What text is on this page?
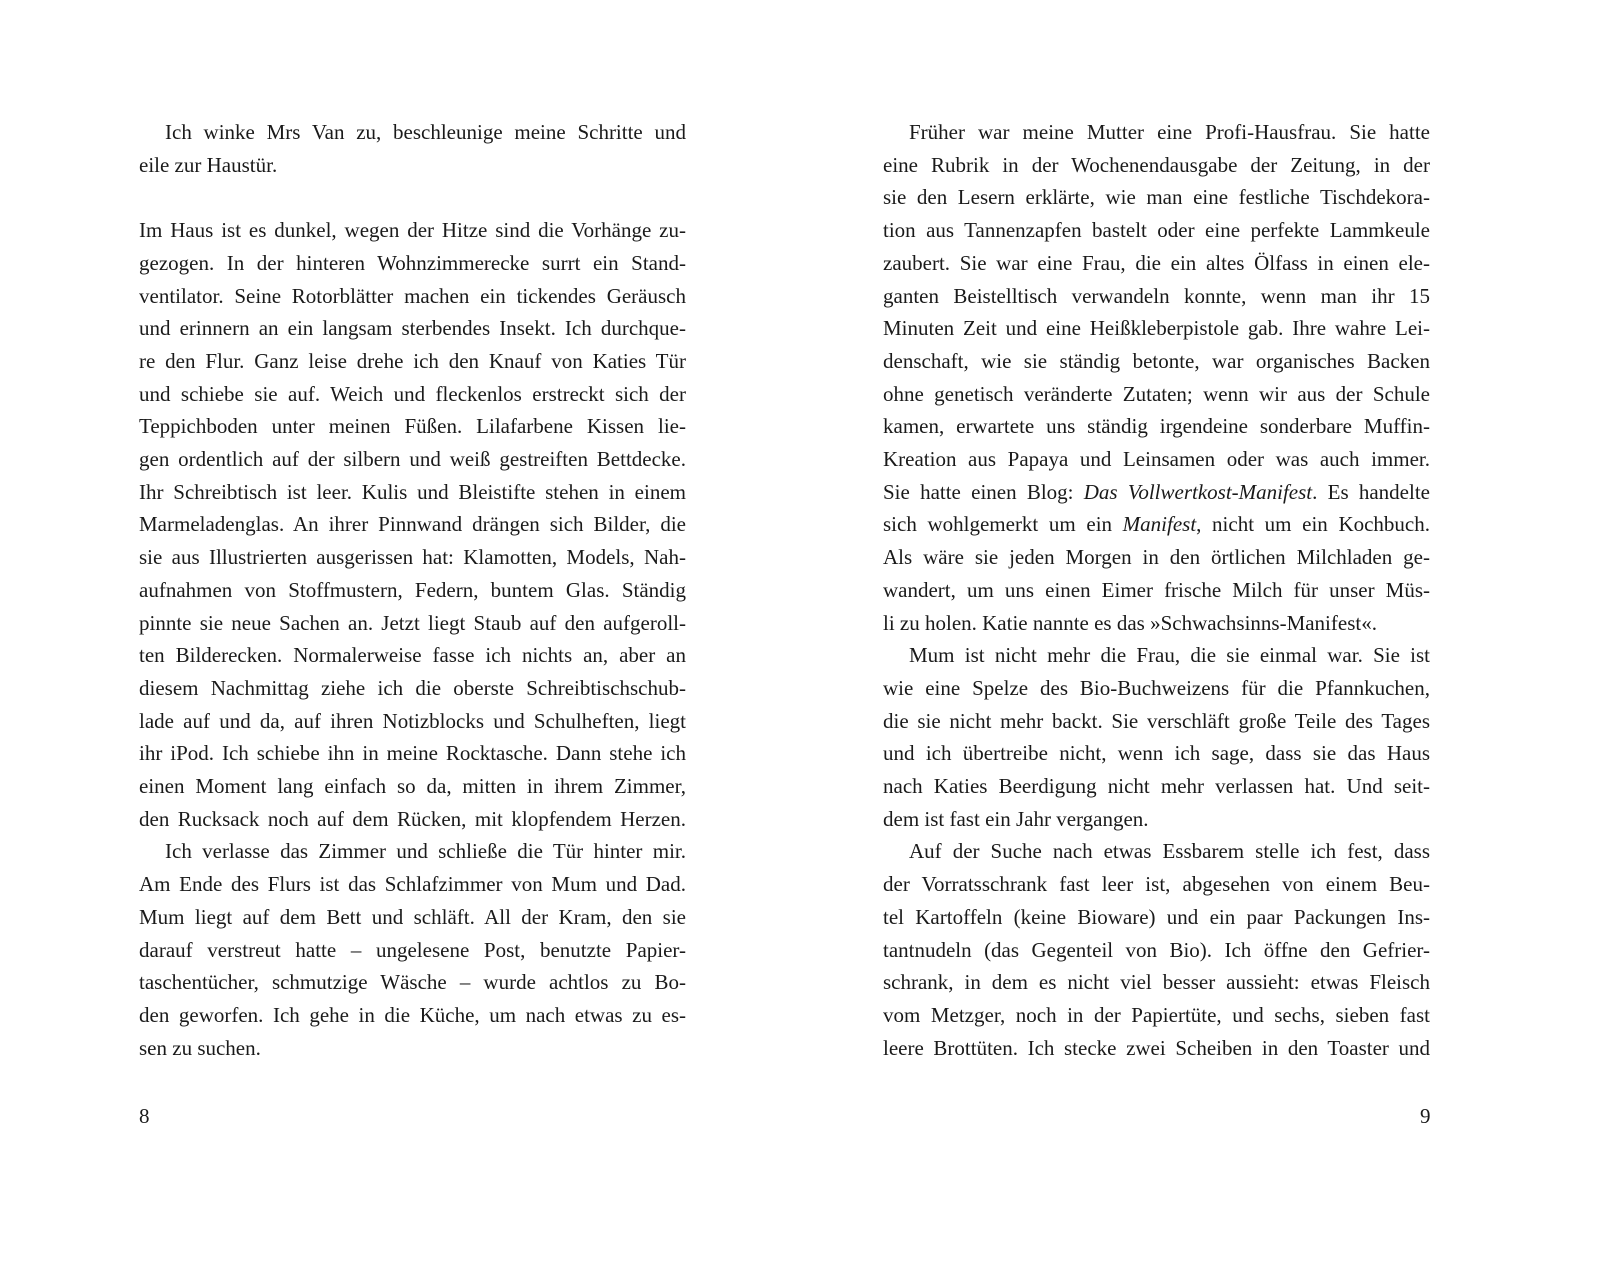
Ich winke Mrs Van zu, beschleunige meine Schritte und
eile zur Haustür.
Im Haus ist es dunkel, wegen der Hitze sind die Vorhänge zu-
gezogen. In der hinteren Wohnzimmerecke surrt ein Stand-
ventilator. Seine Rotorblätter machen ein tickendes Geräusch
und erinnern an ein langsam sterbendes Insekt. Ich durchque-
re den Flur. Ganz leise drehe ich den Knauf von Katies Tür
und schiebe sie auf. Weich und fleckenlos erstreckt sich der
Teppichboden unter meinen Füßen. Lilafarbene Kissen lie-
gen ordentlich auf der silbern und weiß gestreiften Bettdecke.
Ihr Schreibtisch ist leer. Kulis und Bleistifte stehen in einem
Marmeladenglas. An ihrer Pinnwand drängen sich Bilder, die
sie aus Illustrierten ausgerissen hat: Klamotten, Models, Nah-
aufnahmen von Stoffmustern, Federn, buntem Glas. Ständig
pinnte sie neue Sachen an. Jetzt liegt Staub auf den aufgeroll-
ten Bilderecken. Normalerweise fasse ich nichts an, aber an
diesem Nachmittag ziehe ich die oberste Schreibtischschub-
lade auf und da, auf ihren Notizblocks und Schulheften, liegt
ihr iPod. Ich schiebe ihn in meine Rocktasche. Dann stehe ich
einen Moment lang einfach so da, mitten in ihrem Zimmer,
den Rucksack noch auf dem Rücken, mit klopfendem Herzen.
Ich verlasse das Zimmer und schließe die Tür hinter mir.
Am Ende des Flurs ist das Schlafzimmer von Mum und Dad.
Mum liegt auf dem Bett und schläft. All der Kram, den sie
darauf verstreut hatte – ungelesene Post, benutzte Papier-
taschentücher, schmutzige Wäsche – wurde achtlos zu Bo-
den geworfen. Ich gehe in die Küche, um nach etwas zu es-
sen zu suchen.
8
Früher war meine Mutter eine Profi-Hausfrau. Sie hatte
eine Rubrik in der Wochenendausgabe der Zeitung, in der
sie den Lesern erklärte, wie man eine festliche Tischdekora-
tion aus Tannenzapfen bastelt oder eine perfekte Lammkeule
zaubert. Sie war eine Frau, die ein altes Ölfass in einen ele-
ganten Beistelltisch verwandeln konnte, wenn man ihr 15
Minuten Zeit und eine Heißkleberpistole gab. Ihre wahre Lei-
denschaft, wie sie ständig betonte, war organisches Backen
ohne genetisch veränderte Zutaten; wenn wir aus der Schule
kamen, erwartete uns ständig irgendeine sonderbare Muffin-
Kreation aus Papaya und Leinsamen oder was auch immer.
Sie hatte einen Blog: Das Vollwertkost-Manifest. Es handelte
sich wohlgemerkt um ein Manifest, nicht um ein Kochbuch.
Als wäre sie jeden Morgen in den örtlichen Milchladen ge-
wandert, um uns einen Eimer frische Milch für unser Müs-
li zu holen. Katie nannte es das »Schwachsinns-Manifest«.
Mum ist nicht mehr die Frau, die sie einmal war. Sie ist
wie eine Spelze des Bio-Buchweizens für die Pfannkuchen,
die sie nicht mehr backt. Sie verschläft große Teile des Tages
und ich übertreibe nicht, wenn ich sage, dass sie das Haus
nach Katies Beerdigung nicht mehr verlassen hat. Und seit-
dem ist fast ein Jahr vergangen.
Auf der Suche nach etwas Essbarem stelle ich fest, dass
der Vorratsschrank fast leer ist, abgesehen von einem Beu-
tel Kartoffeln (keine Bioware) und ein paar Packungen Ins-
tantnudeln (das Gegenteil von Bio). Ich öffne den Gefrier-
schrank, in dem es nicht viel besser aussieht: etwas Fleisch
vom Metzger, noch in der Papiertüte, und sechs, sieben fast
leere Brottüten. Ich stecke zwei Scheiben in den Toaster und
9
